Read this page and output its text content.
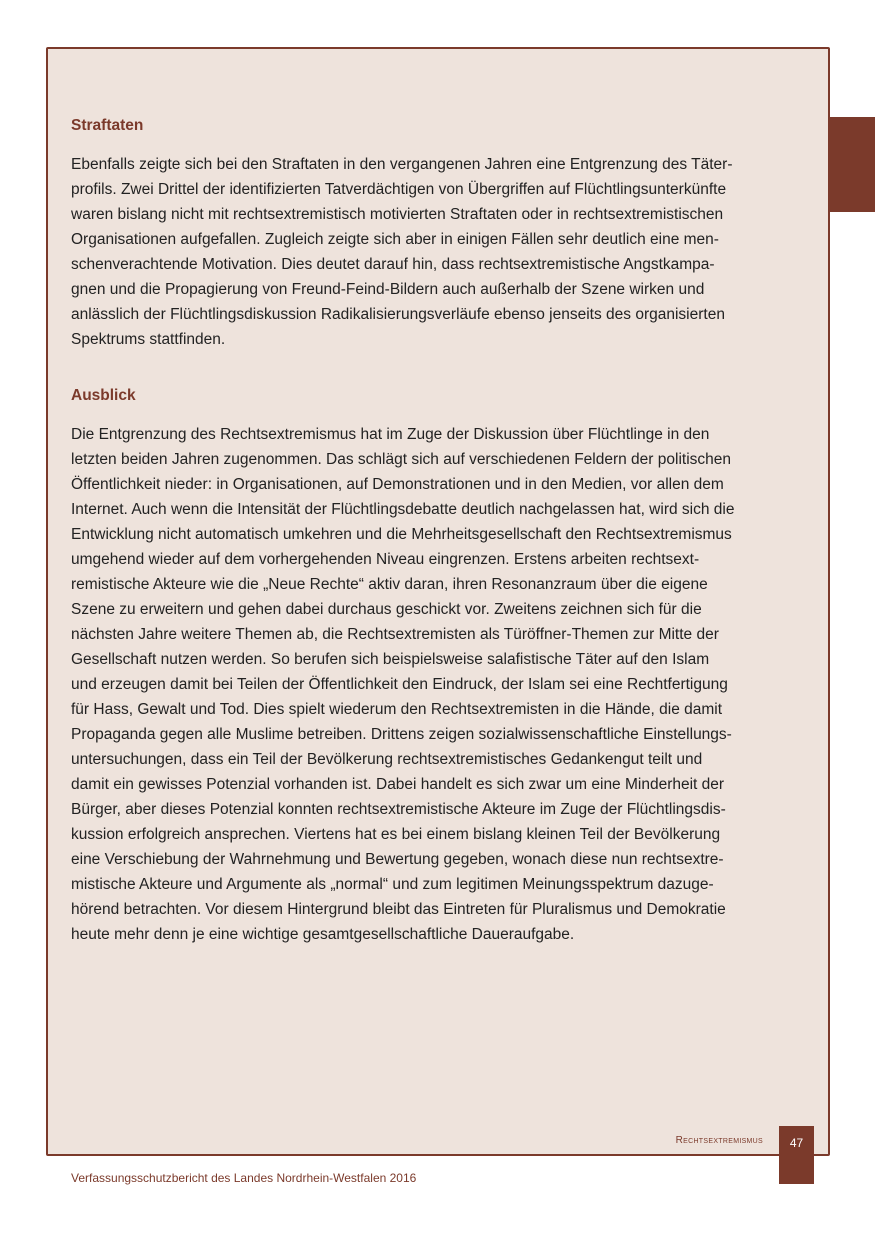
Straftaten

Ebenfalls zeigte sich bei den Straftaten in den vergangenen Jahren eine Entgrenzung des Täter-
profils. Zwei Drittel der identifizierten Tatverdächtigen von Übergriffen auf Flüchtlingsunterkünfte
waren bislang nicht mit rechtsextremistisch motivierten Straftaten oder in rechtsextremistischen
Organisationen aufgefallen. Zugleich zeigte sich aber in einigen Fällen sehr deutlich eine men-
schenverachtende Motivation. Dies deutet darauf hin, dass rechtsextremistische Angstkampa-
gnen und die Propagierung von Freund-Feind-Bildern auch außerhalb der Szene wirken und
anlässlich der Flüchtlingsdiskussion Radikalisierungsverläufe ebenso jenseits des organisierten
Spektrums stattfinden.

Ausblick

Die Entgrenzung des Rechtsextremismus hat im Zuge der Diskussion über Flüchtlinge in den
letzten beiden Jahren zugenommen. Das schlägt sich auf verschiedenen Feldern der politischen
Öffentlichkeit nieder: in Organisationen, auf Demonstrationen und in den Medien, vor allen dem
Internet. Auch wenn die Intensität der Flüchtlingsdebatte deutlich nachgelassen hat, wird sich die
Entwicklung nicht automatisch umkehren und die Mehrheitsgesellschaft den Rechtsextremismus
umgehend wieder auf dem vorhergehenden Niveau eingrenzen. Erstens arbeiten rechtsext-
remistische Akteure wie die „Neue Rechte“ aktiv daran, ihren Resonanzraum über die eigene
Szene zu erweitern und gehen dabei durchaus geschickt vor. Zweitens zeichnen sich für die
nächsten Jahre weitere Themen ab, die Rechtsextremisten als Türöffner-Themen zur Mitte der
Gesellschaft nutzen werden. So berufen sich beispielsweise salafistische Täter auf den Islam
und erzeugen damit bei Teilen der Öffentlichkeit den Eindruck, der Islam sei eine Rechtfertigung
für Hass, Gewalt und Tod. Dies spielt wiederum den Rechtsextremisten in die Hände, die damit
Propaganda gegen alle Muslime betreiben. Drittens zeigen sozialwissenschaftliche Einstellungs-
untersuchungen, dass ein Teil der Bevölkerung rechtsextremistisches Gedankengut teilt und
damit ein gewisses Potenzial vorhanden ist. Dabei handelt es sich zwar um eine Minderheit der
Bürger, aber dieses Potenzial konnten rechtsextremistische Akteure im Zuge der Flüchtlingsdis-
kussion erfolgreich ansprechen. Viertens hat es bei einem bislang kleinen Teil der Bevölkerung
eine Verschiebung der Wahrnehmung und Bewertung gegeben, wonach diese nun rechtsextre-
mistische Akteure und Argumente als „normal“ und zum legitimen Meinungsspektrum dazuge-
hörend betrachten. Vor diesem Hintergrund bleibt das Eintreten für Pluralismus und Demokratie
heute mehr denn je eine wichtige gesamtgesellschaftliche Daueraufgabe.

Rechtsextremismus	47
Verfassungsschutzbericht des Landes Nordrhein-Westfalen 2016
